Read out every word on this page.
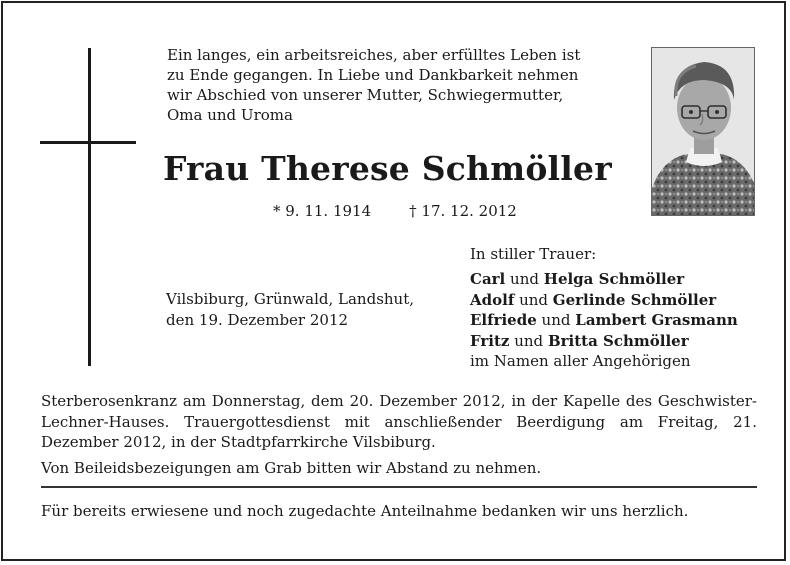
Ein langes, ein arbeitsreiches, aber erfülltes Leben ist
zu Ende gegangen. In Liebe und Dankbarkeit nehmen
wir Abschied von unserer Mutter, Schwiegermutter,
Oma und Uroma
Frau Therese Schmöller
* 9. 11. 1914	† 17. 12. 2012
In stiller Trauer:
Carl und Helga Schmöller
Adolf und Gerlinde Schmöller
Elfriede und Lambert Grasmann
Fritz und Britta Schmöller
im Namen aller Angehörigen
Vilsbiburg, Grünwald, Landshut,
den 19. Dezember 2012
Sterberosenkranz am Donnerstag, dem 20. Dezember 2012, in der Kapelle des Geschwister-Lechner-Hauses. Trauergottesdienst mit anschließender Beerdigung am Freitag, 21. Dezember 2012, in der Stadtpfarrkirche Vilsbiburg.
Von Beileidsbezeigungen am Grab bitten wir Abstand zu nehmen.
Für bereits erwiesene und noch zugedachte Anteilnahme bedanken wir uns herzlich.
